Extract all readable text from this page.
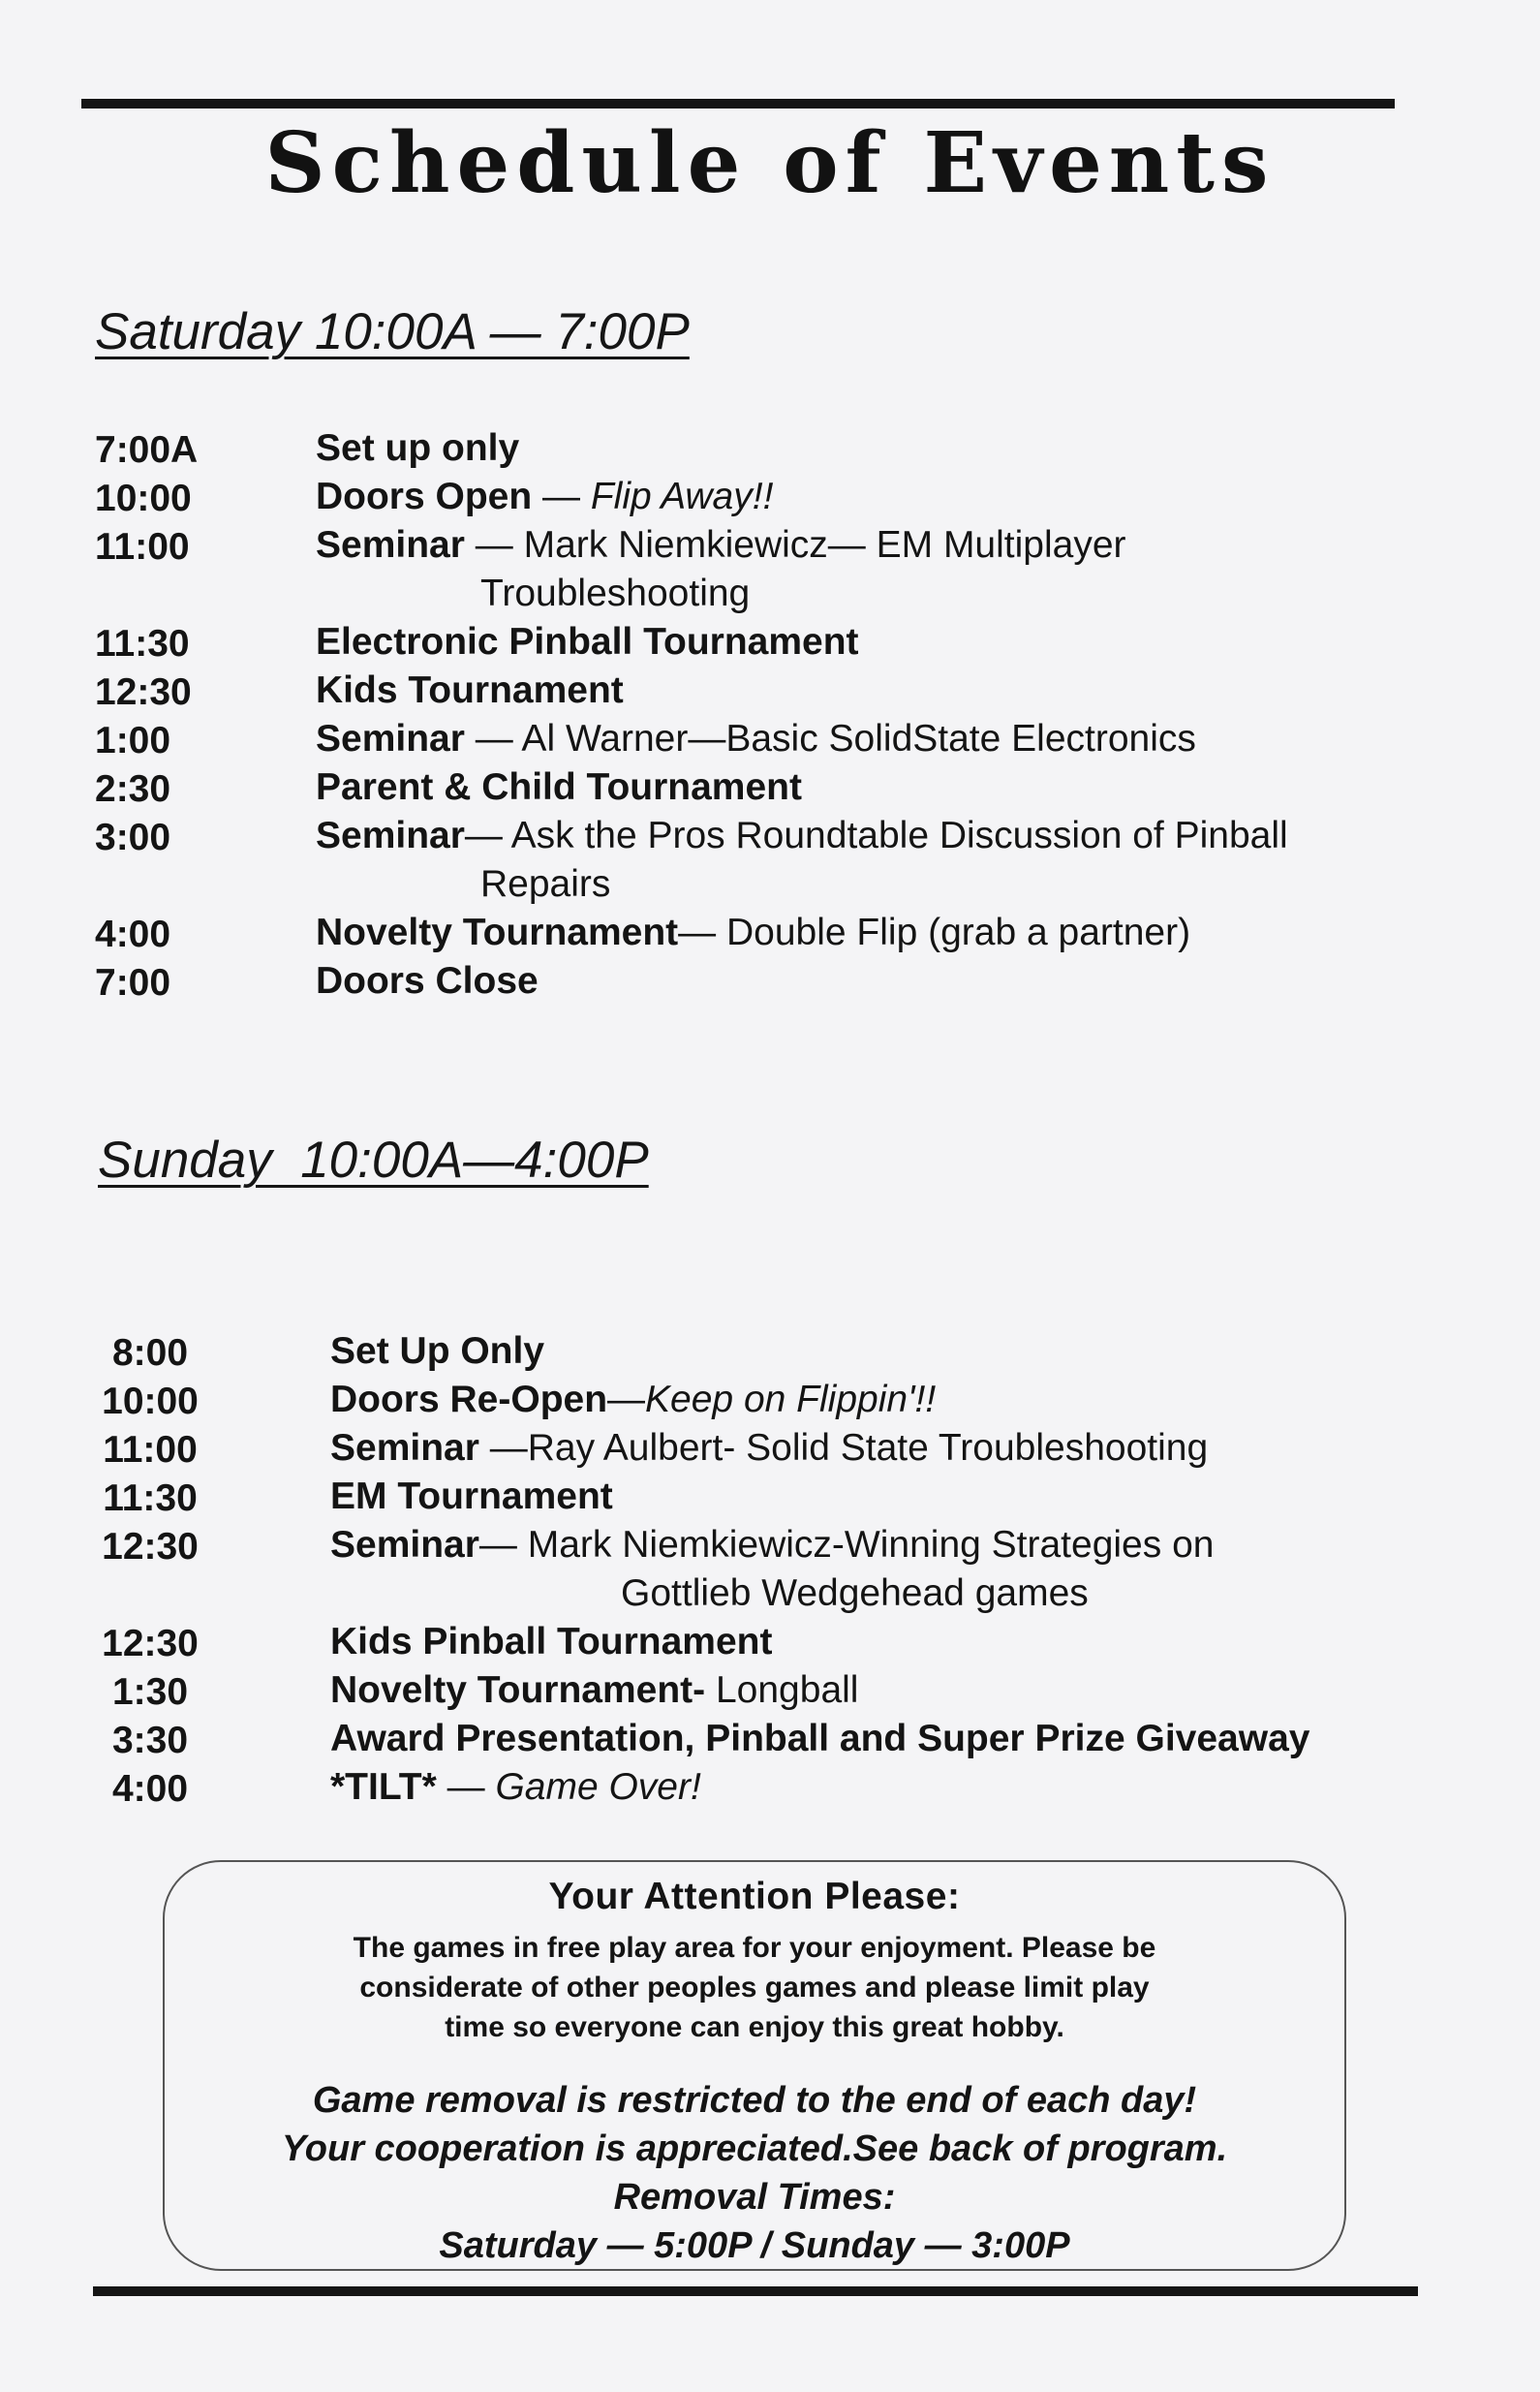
Schedule of Events
Saturday 10:00A — 7:00P
7:00A	Set up only
10:00	Doors Open — Flip Away!!
11:00	Seminar — Mark Niemkiewicz— EM Multiplayer
Troubleshooting
11:30	Electronic Pinball Tournament
12:30	Kids Tournament
1:00	Seminar — Al Warner—Basic SolidState Electronics
2:30	Parent & Child Tournament
3:00	Seminar— Ask the Pros Roundtable Discussion of Pinball
Repairs
4:00	Novelty Tournament— Double Flip (grab a partner)
7:00	Doors Close
Sunday  10:00A—4:00P
8:00	Set Up Only
10:00	Doors Re-Open—Keep on Flippin'!!
11:00	Seminar —Ray Aulbert- Solid State Troubleshooting
11:30	EM Tournament
12:30	Seminar— Mark Niemkiewicz-Winning Strategies on
Gottlieb Wedgehead games
12:30	Kids Pinball Tournament
1:30	Novelty Tournament- Longball
3:30	Award Presentation, Pinball and Super Prize Giveaway
4:00	*TILT* — Game Over!
Your Attention Please:
The games in free play area for your enjoyment. Please be
considerate of other peoples games and please limit play
time so everyone can enjoy this great hobby.
Game removal is restricted to the end of each day!
Your cooperation is appreciated.See back of program.
Removal Times:
Saturday — 5:00P / Sunday — 3:00P
